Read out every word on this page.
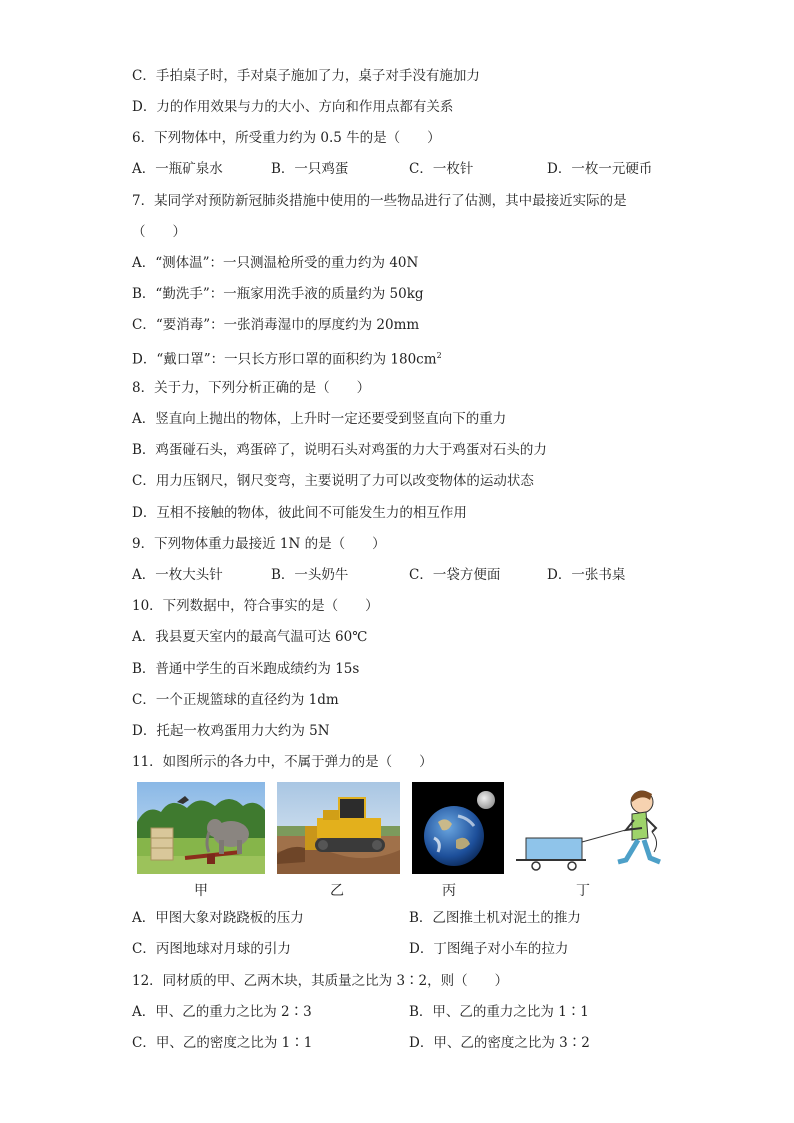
C．手拍桌子时，手对桌子施加了力，桌子对手没有施加力
D．力的作用效果与力的大小、方向和作用点都有关系
6．下列物体中，所受重力约为 0.5 牛的是（　　）
A．一瓶矿泉水	B．一只鸡蛋	C．一枚针	D．一枚一元硬币
7．某同学对预防新冠肺炎措施中使用的一些物品进行了估测，其中最接近实际的是
（　　）
A．“测体温”：一只测温枪所受的重力约为 40N
B．“勤洗手”：一瓶家用洗手液的质量约为 50kg
C．“要消毒”：一张消毒湿巾的厚度约为 20mm
D．“戴口罩”：一只长方形口罩的面积约为 $180cm^2$
8．关于力，下列分析正确的是（　　）
A．竖直向上抛出的物体，上升时一定还要受到竖直向下的重力
B．鸡蛋碰石头，鸡蛋碎了，说明石头对鸡蛋的力大于鸡蛋对石头的力
C．用力压钢尺，钢尺变弯，主要说明了力可以改变物体的运动状态
D．互相不接触的物体，彼此间不可能发生力的相互作用
9．下列物体重力最接近 1N 的是（　　）
A．一枚大头针	B．一头奶牛	C．一袋方便面	D．一张书桌
10．下列数据中，符合事实的是（　　）
A．我县夏天室内的最高气温可达 60℃
B．普通中学生的百米跑成绩约为 15s
C．一个正规篮球的直径约为 1dm
D．托起一枚鸡蛋用力大约为 5N
11．如图所示的各力中，不属于弹力的是（　　）
甲	乙	丙	丁
A．甲图大象对跷跷板的压力	B．乙图推土机对泥土的推力
C．丙图地球对月球的引力	D．丁图绳子对小车的拉力
12．同材质的甲、乙两木块，其质量之比为 3∶2，则（　　）
A．甲、乙的重力之比为 2∶3	B．甲、乙的重力之比为 1∶1
C．甲、乙的密度之比为 1∶1	D．甲、乙的密度之比为 3∶2
